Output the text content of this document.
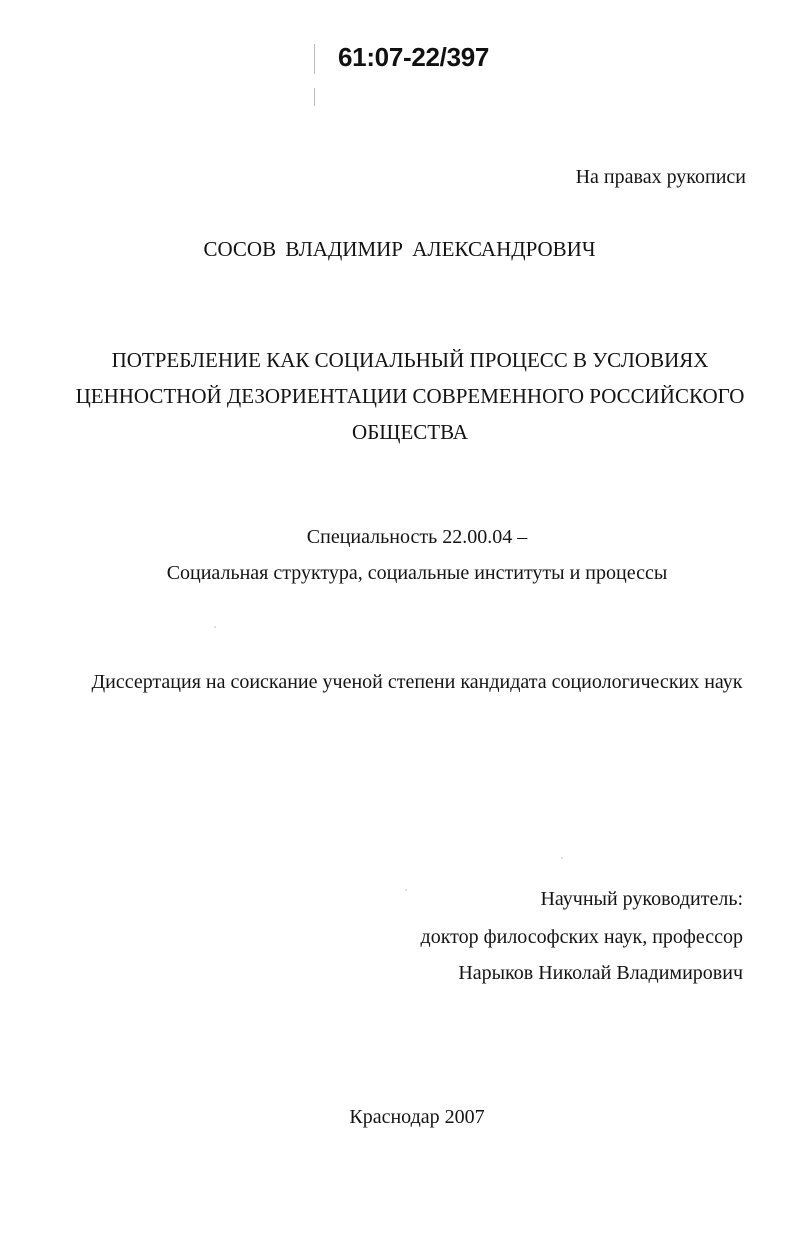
61:07-22/397

На правах рукописи

СОСОВ ВЛАДИМИР АЛЕКСАНДРОВИЧ

ПОТРЕБЛЕНИЕ КАК СОЦИАЛЬНЫЙ ПРОЦЕСС В УСЛОВИЯХ
ЦЕННОСТНОЙ ДЕЗОРИЕНТАЦИИ СОВРЕМЕННОГО РОССИЙСКОГО
ОБЩЕСТВА

Специальность 22.00.04 –

Социальная структура, социальные институты и процессы

Диссертация на соискание ученой степени кандидата социологических наук

Научный руководитель:

доктор философских наук, профессор

Нарыков Николай Владимирович

Краснодар 2007
